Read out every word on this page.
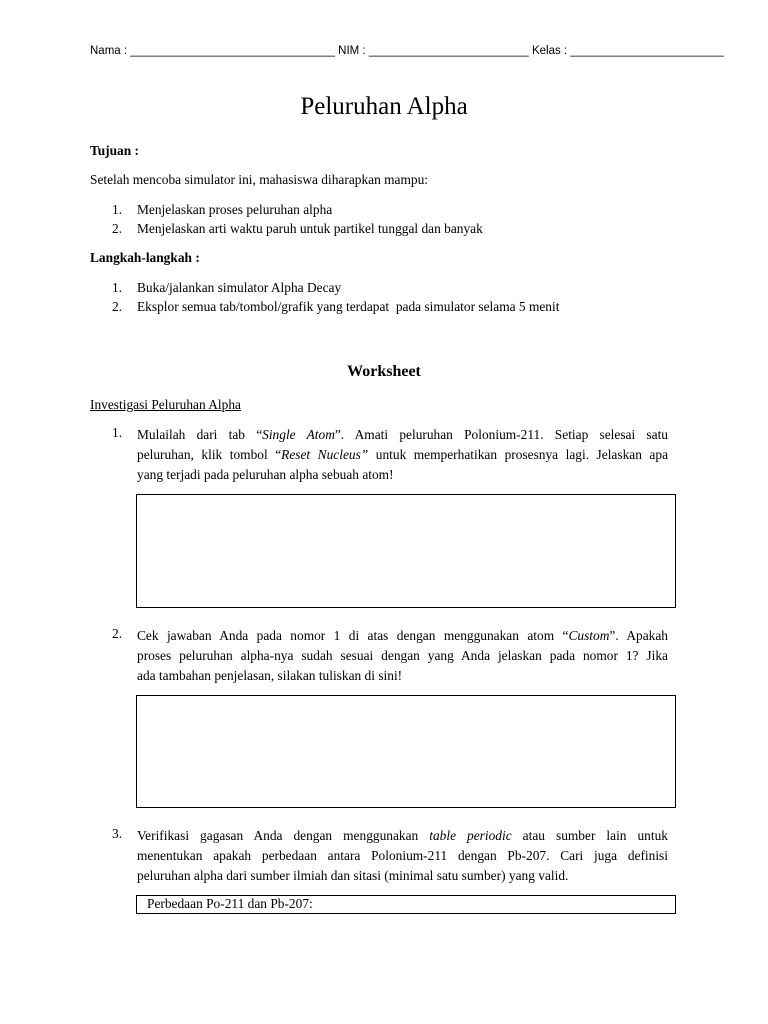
Nama : ________________________________ NIM : _________________________ Kelas : ________________________
Peluruhan Alpha
Tujuan :
Setelah mencoba simulator ini, mahasiswa diharapkan mampu:
1. Menjelaskan proses peluruhan alpha
2. Menjelaskan arti waktu paruh untuk partikel tunggal dan banyak
Langkah-langkah :
1. Buka/jalankan simulator Alpha Decay
2. Eksplor semua tab/tombol/grafik yang terdapat  pada simulator selama 5 menit
Worksheet
Investigasi Peluruhan Alpha
1. Mulailah dari tab “Single Atom”. Amati peluruhan Polonium-211. Setiap selesai satu
peluruhan, klik tombol “Reset Nucleus” untuk memperhatikan prosesnya lagi. Jelaskan apa
yang terjadi pada peluruhan alpha sebuah atom!
2. Cek jawaban Anda pada nomor 1 di atas dengan menggunakan atom “Custom”. Apakah
proses peluruhan alpha-nya sudah sesuai dengan yang Anda jelaskan pada nomor 1? Jika
ada tambahan penjelasan, silakan tuliskan di sini!
3. Verifikasi gagasan Anda dengan menggunakan table periodic atau sumber lain untuk
menentukan apakah perbedaan antara Polonium-211 dengan Pb-207. Cari juga definisi
peluruhan alpha dari sumber ilmiah dan sitasi (minimal satu sumber) yang valid.
Perbedaan Po-211 dan Pb-207:
